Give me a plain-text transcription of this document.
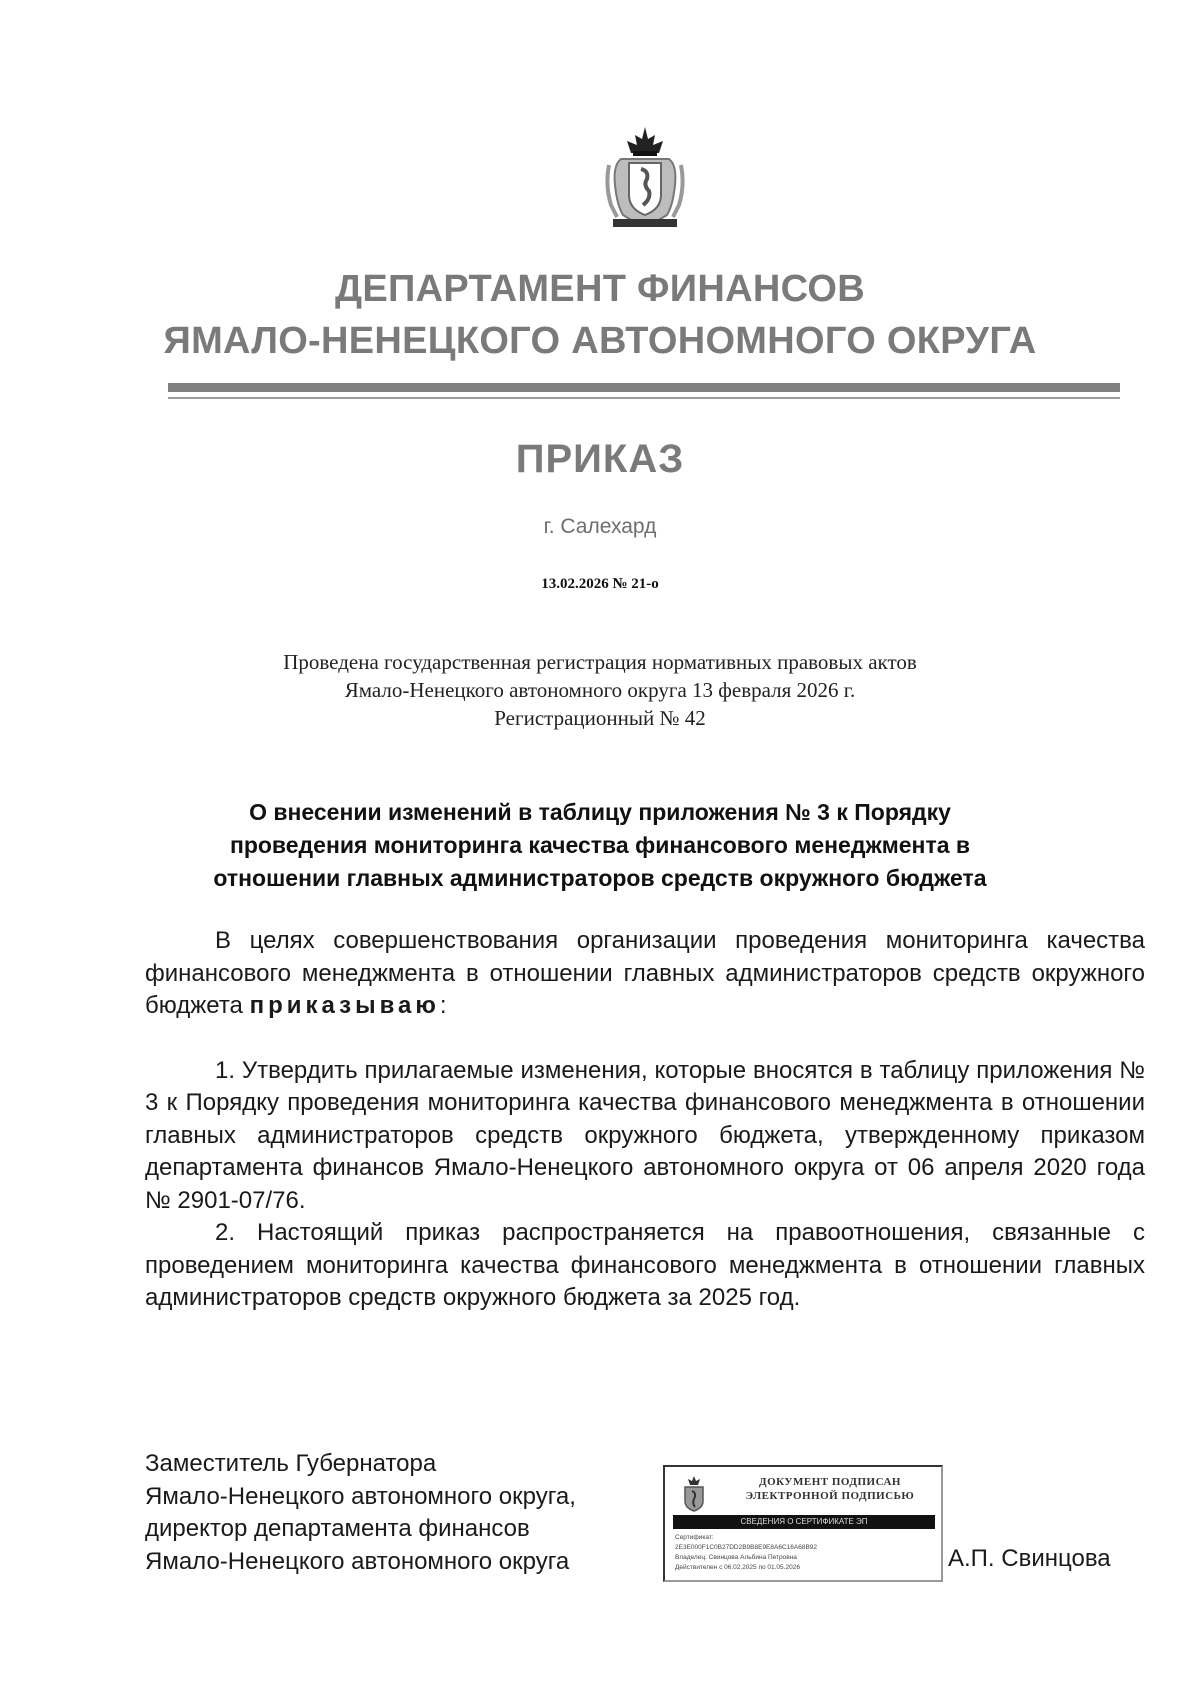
ДЕПАРТАМЕНТ ФИНАНСОВ
ЯМАЛО-НЕНЕЦКОГО АВТОНОМНОГО ОКРУГА
ПРИКАЗ
г. Салехард
13.02.2026 № 21-о
Проведена государственная регистрация нормативных правовых актов
Ямало-Ненецкого автономного округа 13 февраля 2026 г.
Регистрационный № 42
О внесении изменений в таблицу приложения № 3 к Порядку
проведения мониторинга качества финансового менеджмента в
отношении главных администраторов средств окружного бюджета

В целях совершенствования организации проведения мониторинга качества финансового менеджмента в отношении главных администраторов средств окружного бюджета приказываю:

1. Утвердить прилагаемые изменения, которые вносятся в таблицу приложения № 3 к Порядку проведения мониторинга качества финансового менеджмента в отношении главных администраторов средств окружного бюджета, утвержденному приказом департамента финансов Ямало-Ненецкого автономного округа от 06 апреля 2020 года № 2901-07/76.

2. Настоящий приказ распространяется на правоотношения, связанные с проведением мониторинга качества финансового менеджмента в отношении главных администраторов средств окружного бюджета за 2025 год.

Заместитель Губернатора
Ямало-Ненецкого автономного округа,
директор департамента финансов
Ямало-Ненецкого автономного округа
ДОКУМЕНТ ПОДПИСАН
ЭЛЕКТРОННОЙ ПОДПИСЬЮ
СВЕДЕНИЯ О СЕРТИФИКАТЕ ЭП
Сертификат:
2E3E000F1C0B27DD2B9B8E9E8A6C16A68B92
Владелец: Свинцова Альбина Петровна
Действителен с 06.02.2025 по 01.05.2026	А.П. Свинцова
